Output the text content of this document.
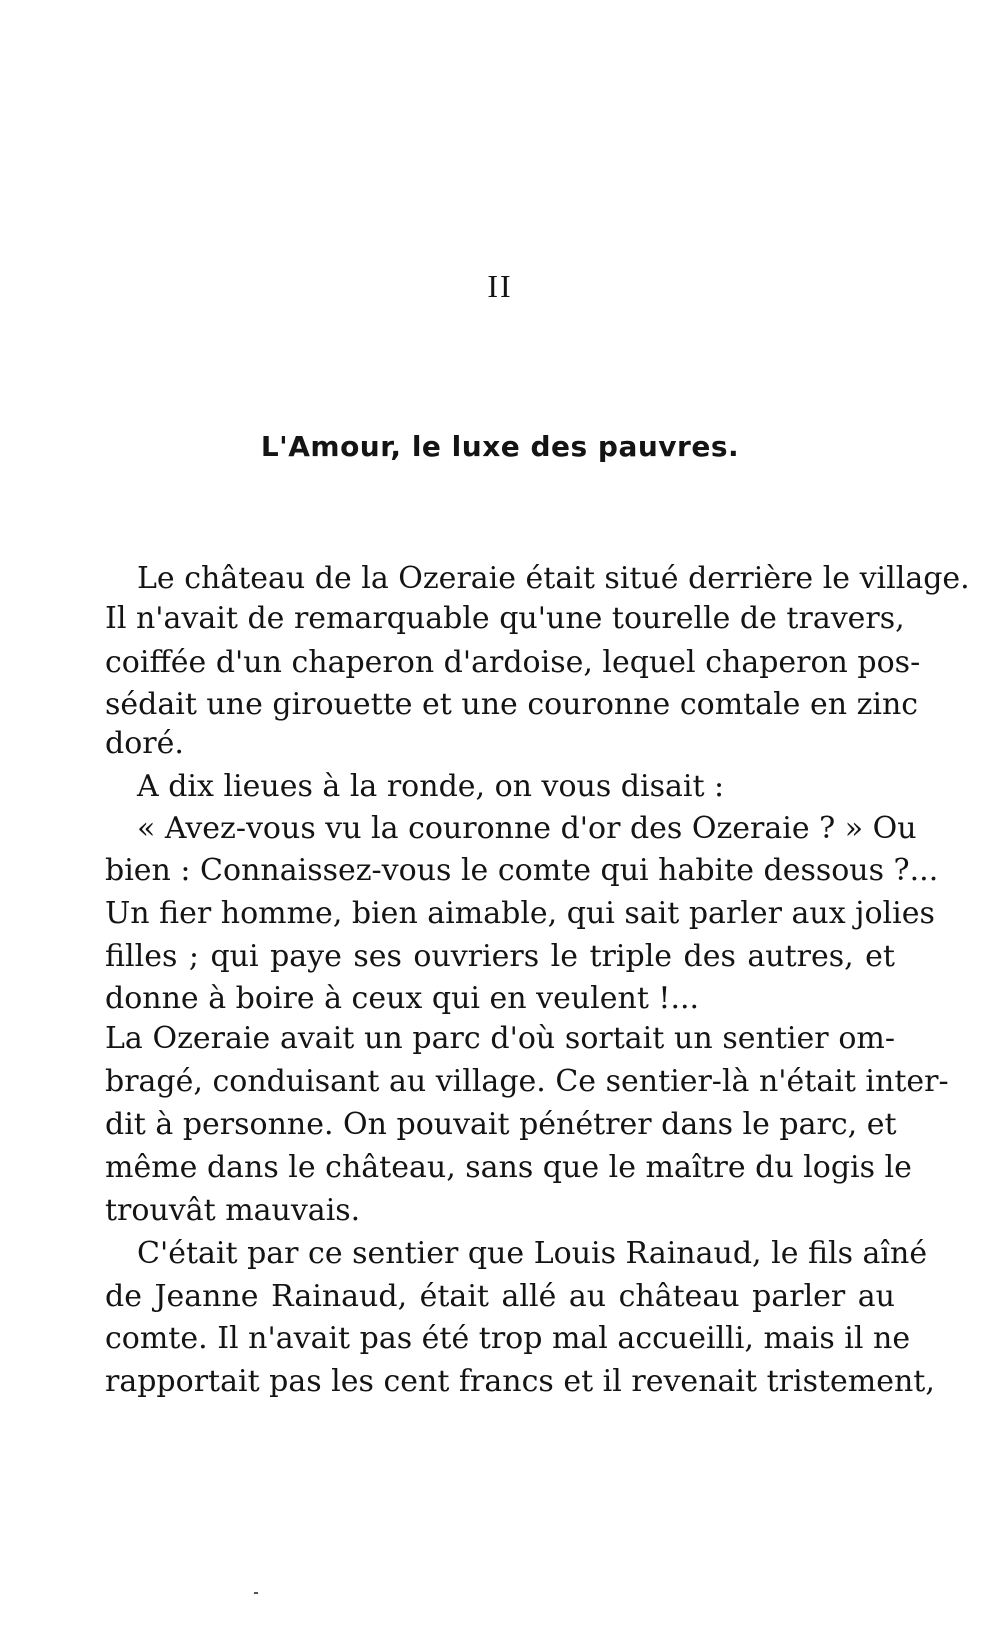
II
L'Amour, le luxe des pauvres.
Le château de la Ozeraie était situé derrière le village.
Il n'avait de remarquable qu'une tourelle de travers,
coiffée d'un chaperon d'ardoise, lequel chaperon pos-
sédait une girouette et une couronne comtale en zinc
doré.
A dix lieues à la ronde, on vous disait :
« Avez-vous vu la couronne d'or des Ozeraie ? » Ou
bien : Connaissez-vous le comte qui habite dessous ?...
Un fier homme, bien aimable, qui sait parler aux jolies
filles ; qui paye ses ouvriers le triple des autres, et
donne à boire à ceux qui en veulent !...
La Ozeraie avait un parc d'où sortait un sentier om-
bragé, conduisant au village. Ce sentier-là n'était inter-
dit à personne. On pouvait pénétrer dans le parc, et
même dans le château, sans que le maître du logis le
trouvât mauvais.
C'était par ce sentier que Louis Rainaud, le fils aîné
de Jeanne Rainaud, était allé au château parler au
comte. Il n'avait pas été trop mal accueilli, mais il ne
rapportait pas les cent francs et il revenait tristement,
